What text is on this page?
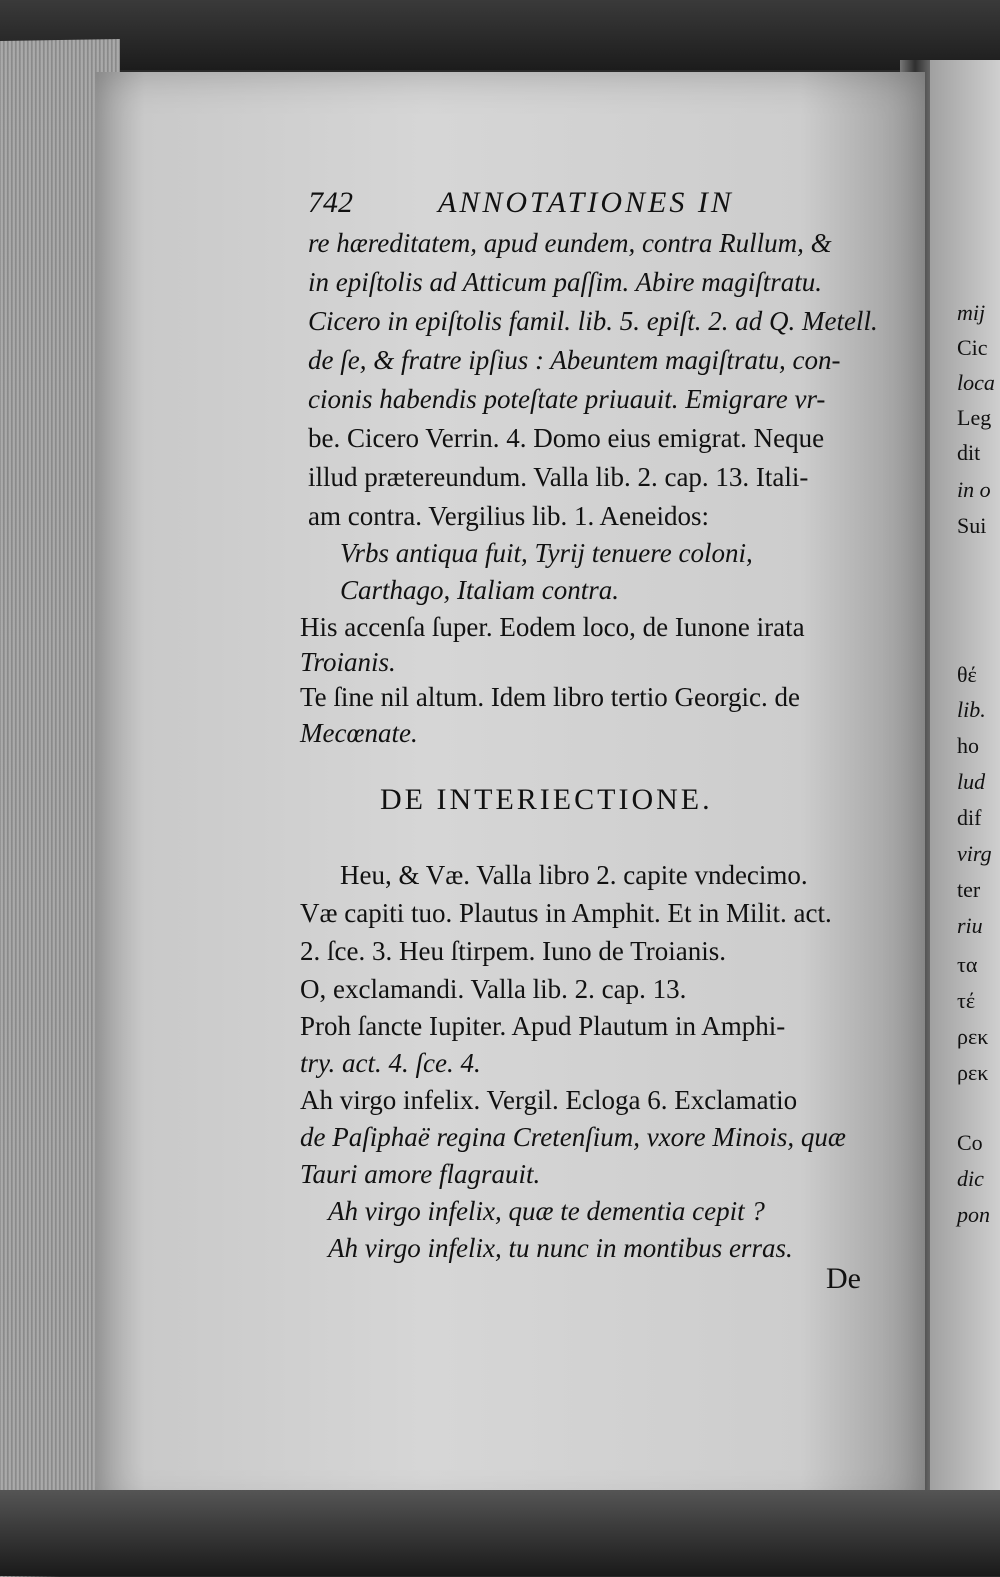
742	ANNOTATIONES IN
re hæreditatem, apud eundem, contra Rullum, &
in epiſtolis ad Atticum paſſim. Abire magiſtratu.
Cicero in epiſtolis famil. lib. 5. epiſt. 2. ad Q. Metell.
de ſe, & fratre ipſius : Abeuntem magiſtratu, con-
cionis habendis poteſtate priuauit. Emigrare vr-
be. Cicero Verrin. 4. Domo eius emigrat. Neque
illud prætereundum. Valla lib. 2. cap. 13. Itali-
am contra. Vergilius lib. 1. Aeneidos:
Vrbs antiqua fuit, Tyrij tenuere coloni,
Carthago, Italiam contra.
His accenſa ſuper. Eodem loco, de Iunone irata
Troianis.
Te ſine nil altum. Idem libro tertio Georgic. de
Mecœnate.
DE INTERIECTIONE.
Heu, & Væ. Valla libro 2. capite vndecimo.
Væ capiti tuo. Plautus in Amphit. Et in Milit. act.
2. ſce. 3. Heu ſtirpem. Iuno de Troianis.
O, exclamandi. Valla lib. 2. cap. 13.
Proh ſancte Iupiter. Apud Plautum in Amphi-
try. act. 4. ſce. 4.
Ah virgo infelix. Vergil. Ecloga 6. Exclamatio
de Paſiphaë regina Cretenſium, vxore Minois, quæ
Tauri amore flagrauit.
Ah virgo infelix, quæ te dementia cepit ?
Ah virgo infelix, tu nunc in montibus erras.
De
mij
Cic
loca
Leg
dit
in o
Sui
θέ
lib.
ho
lud
dif
virg
ter
riu
τα
τέ
ρεκ
ρεκ
Co
dic
pon
